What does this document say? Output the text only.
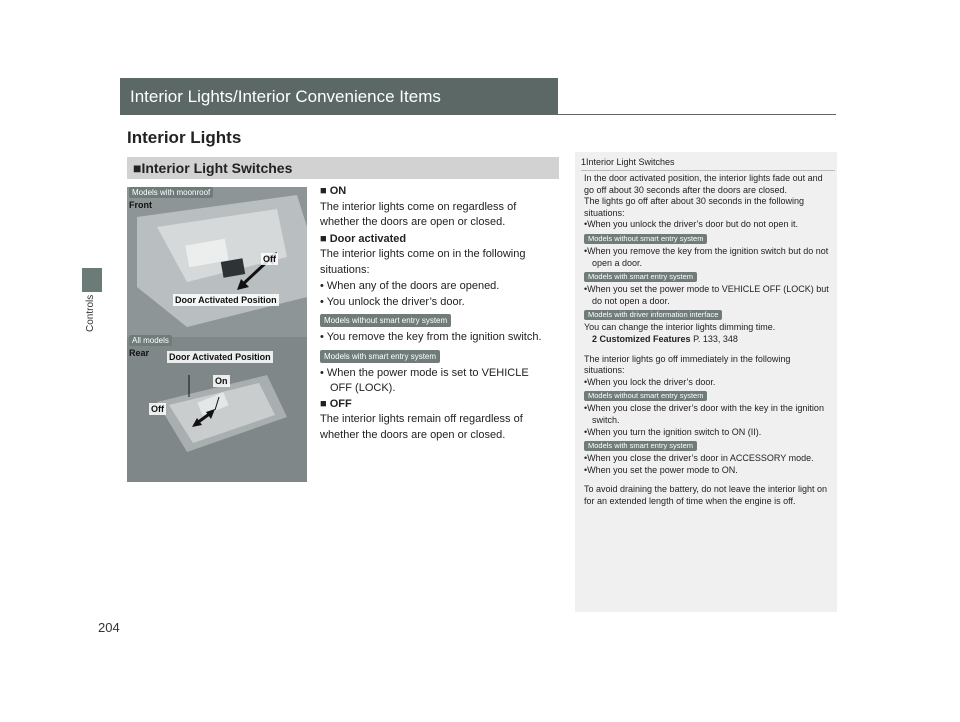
Controls
Interior Lights/Interior Convenience Items
Interior Lights
■Interior Light Switches
Models with moonroof
Front
Off
Door Activated Position
All models
Rear Door Activated Position
On
Off
■ ON
The interior lights come on regardless of whether the doors are open or closed.
■ Door activated
The interior lights come on in the following situations:
• When any of the doors are opened.
• You unlock the driver’s door.
Models without smart entry system
• You remove the key from the ignition switch.
Models with smart entry system
• When the power mode is set to VEHICLE OFF (LOCK).
■ OFF
The interior lights remain off regardless of whether the doors are open or closed.
1Interior Light Switches
In the door activated position, the interior lights fade out and go off about 30 seconds after the doors are closed.
The lights go off after about 30 seconds in the following situations:
•When you unlock the driver’s door but do not open it.
Models without smart entry system
•When you remove the key from the ignition switch but do not open a door.
Models with smart entry system
•When you set the power mode to VEHICLE OFF (LOCK) but do not open a door.
Models with driver information interface
You can change the interior lights dimming time.
2 Customized Features P. 133, 348
The interior lights go off immediately in the following situations:
•When you lock the driver’s door.
Models without smart entry system
•When you close the driver’s door with the key in the ignition switch.
•When you turn the ignition switch to ON (II).
Models with smart entry system
•When you close the driver’s door in ACCESSORY mode.
•When you set the power mode to ON.
To avoid draining the battery, do not leave the interior light on for an extended length of time when the engine is off.
204
